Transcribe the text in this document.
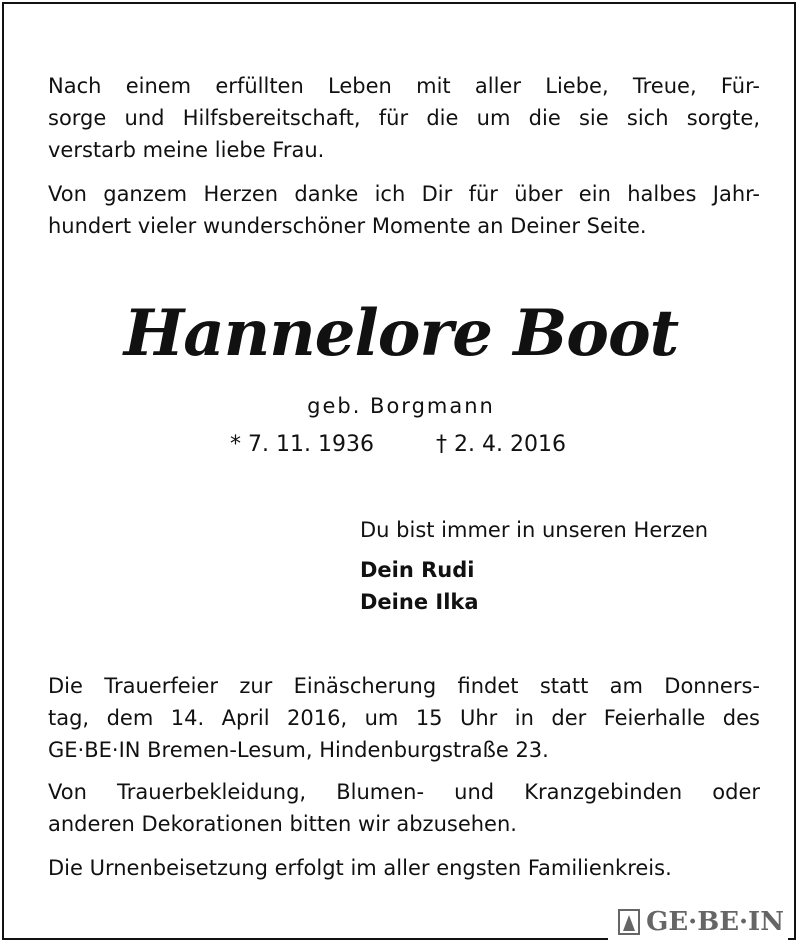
Nach einem erfüllten Leben mit aller Liebe, Treue, Für-
sorge und Hilfsbereitschaft, für die um die sie sich sorgte,
verstarb meine liebe Frau.

Von ganzem Herzen danke ich Dir für über ein halbes Jahr-
hundert vieler wunderschöner Momente an Deiner Seite.

Hannelore Boot
geb. Borgmann
* 7. 11. 1936	† 2. 4. 2016
Du bist immer in unseren Herzen
Dein Rudi
Deine Ilka

Die Trauerfeier zur Einäscherung findet statt am Donners-
tag, dem 14. April 2016, um 15 Uhr in der Feierhalle des
GE·BE·IN Bremen-Lesum, Hindenburgstraße 23.

Von Trauerbekleidung, Blumen- und Kranzgebinden oder
anderen Dekorationen bitten wir abzusehen.

Die Urnenbeisetzung erfolgt im aller engsten Familienkreis.

GE·BE·IN
